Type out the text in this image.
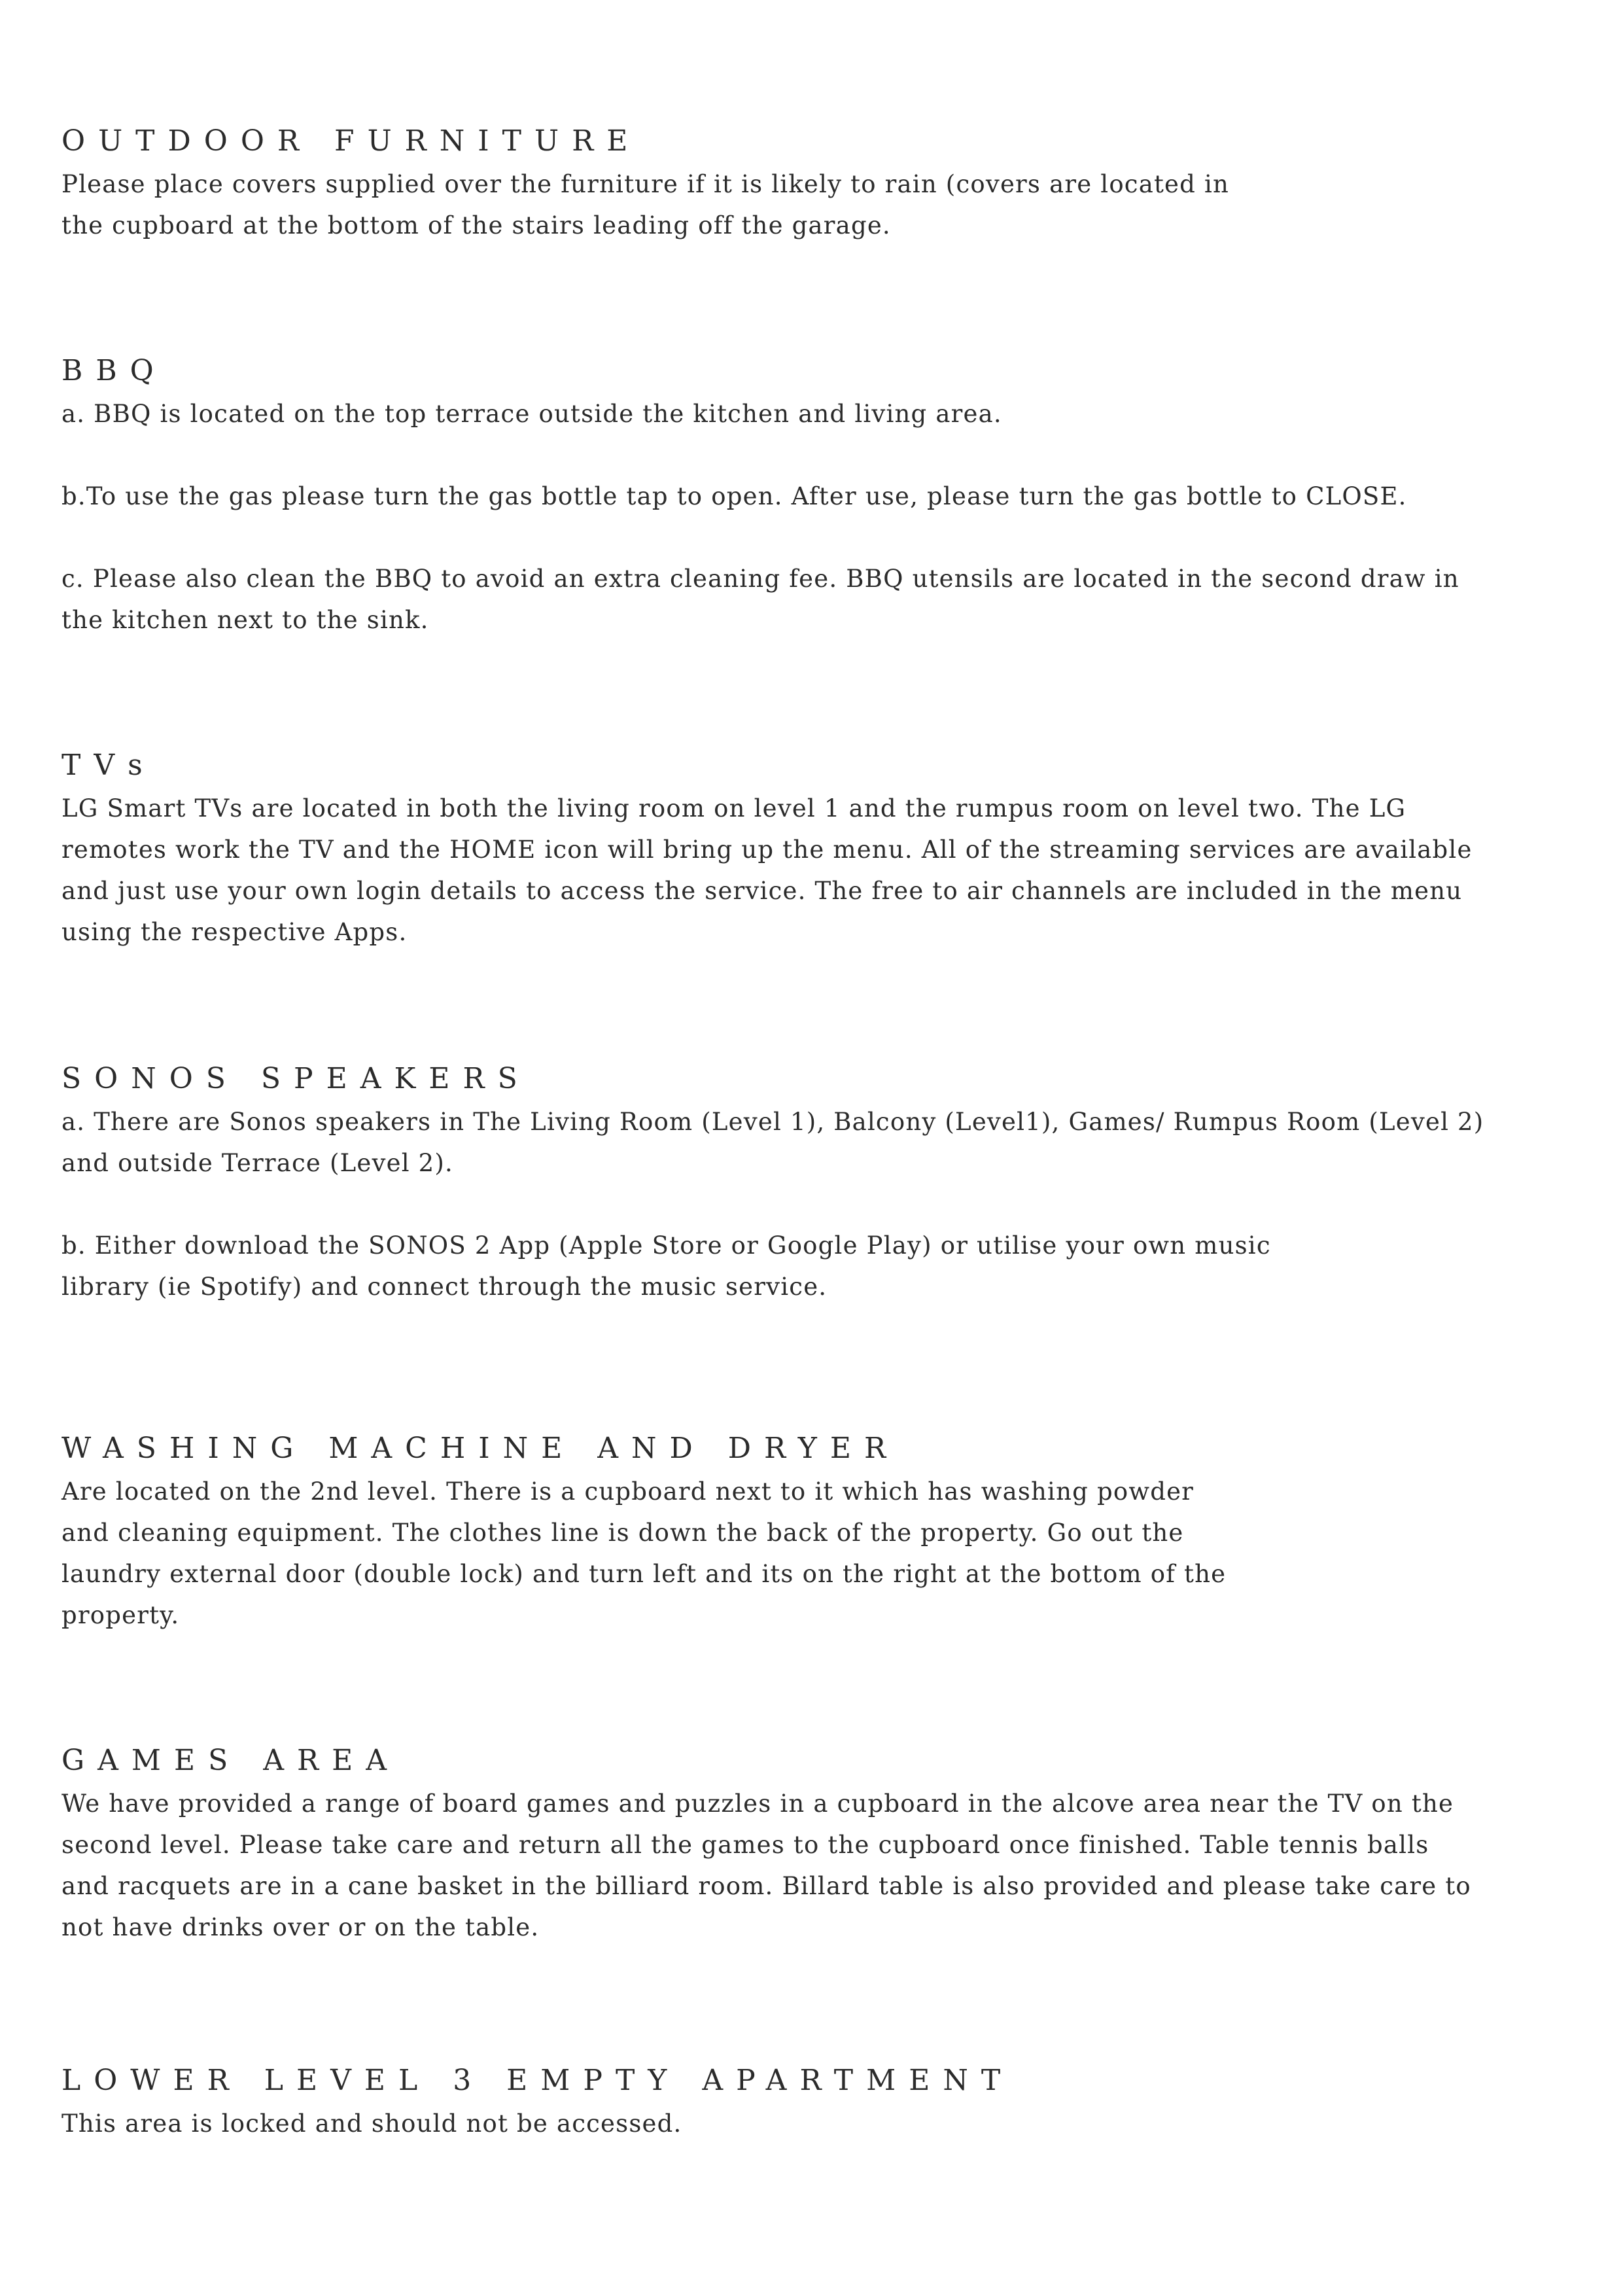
OUTDOOR FURNITURE

Please place covers supplied over the furniture if it is likely to rain (covers are located in
the cupboard at the bottom of the stairs leading off the garage.

BBQ

a. BBQ is located on the top terrace outside the kitchen and living area.

b.To use the gas please turn the gas bottle tap to open. After use, please turn the gas bottle to CLOSE.

c. Please also clean the BBQ to avoid an extra cleaning fee. BBQ utensils are located in the second draw in
the kitchen next to the sink.

TVs

LG Smart TVs are located in both the living room on level 1 and the rumpus room on level two. The LG
remotes work the TV and the HOME icon will bring up the menu. All of the streaming services are available
and just use your own login details to access the service. The free to air channels are included in the menu
using the respective Apps.

SONOS SPEAKERS

a. There are Sonos speakers in The Living Room (Level 1), Balcony (Level1), Games/ Rumpus Room (Level 2)
and outside Terrace (Level 2).

b. Either download the SONOS 2 App (Apple Store or Google Play) or utilise your own music
library (ie Spotify) and connect through the music service.

WASHING MACHINE AND DRYER

Are located on the 2nd level. There is a cupboard next to it which has washing powder
and cleaning equipment. The clothes line is down the back of the property. Go out the
laundry external door (double lock) and turn left and its on the right at the bottom of the
property.

GAMES AREA

We have provided a range of board games and puzzles in a cupboard in the alcove area near the TV on the
second level. Please take care and return all the games to the cupboard once finished. Table tennis balls
and racquets are in a cane basket in the billiard room. Billard table is also provided and please take care to
not have drinks over or on the table.

LOWER LEVEL 3 EMPTY APARTMENT

This area is locked and should not be accessed.
